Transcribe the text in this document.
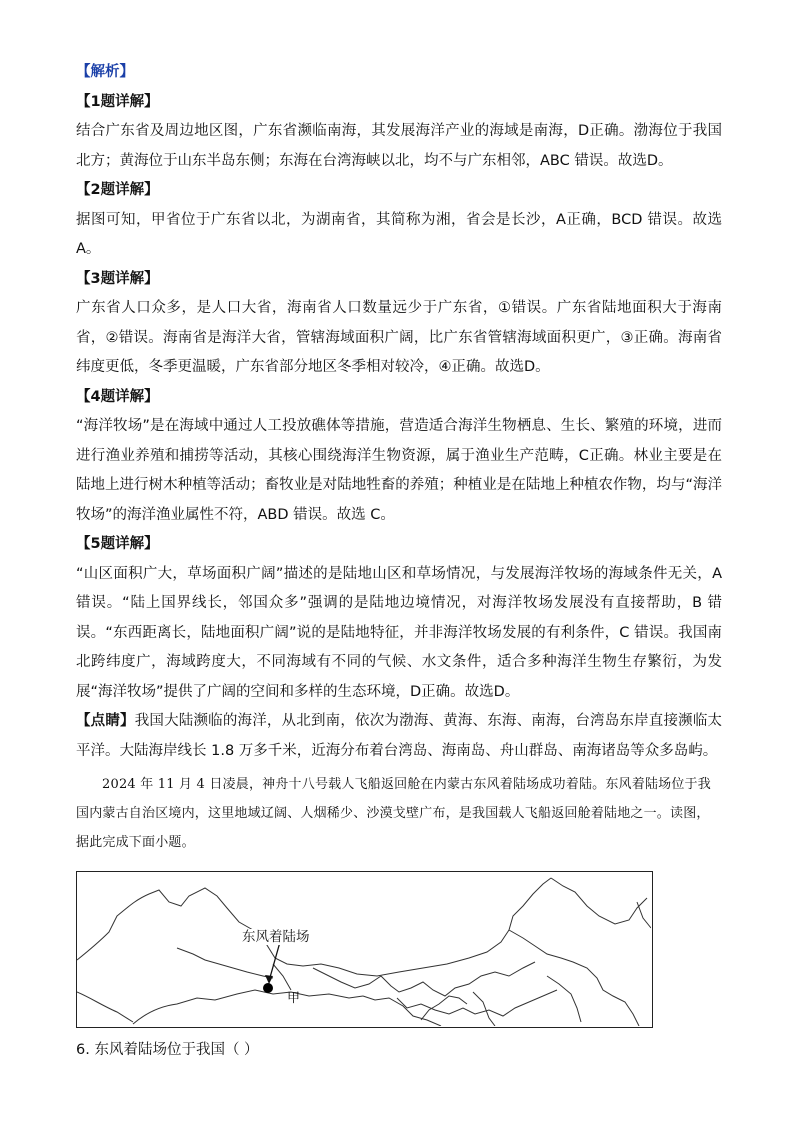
【解析】

【1题详解】

结合广东省及周边地区图，广东省濒临南海，其发展海洋产业的海域是南海，D正确。渤海位于我国北方；黄海位于山东半岛东侧；东海在台湾海峡以北，均不与广东相邻，ABC 错误。故选D。

【2题详解】

据图可知，甲省位于广东省以北，为湖南省，其简称为湘，省会是长沙，A正确，BCD 错误。故选 A。

【3题详解】

广东省人口众多，是人口大省，海南省人口数量远少于广东省，①错误。广东省陆地面积大于海南省，②错误。海南省是海洋大省，管辖海域面积广阔，比广东省管辖海域面积更广，③正确。海南省纬度更低，冬季更温暖，广东省部分地区冬季相对较冷，④正确。故选D。

【4题详解】

“海洋牧场”是在海域中通过人工投放礁体等措施，营造适合海洋生物栖息、生长、繁殖的环境，进而进行渔业养殖和捕捞等活动，其核心围绕海洋生物资源，属于渔业生产范畴，C正确。林业主要是在陆地上进行树木种植等活动；畜牧业是对陆地牲畜的养殖；种植业是在陆地上种植农作物，均与“海洋牧场”的海洋渔业属性不符，ABD 错误。故选 C。

【5题详解】

“山区面积广大，草场面积广阔”描述的是陆地山区和草场情况，与发展海洋牧场的海域条件无关，A错误。“陆上国界线长，邻国众多”强调的是陆地边境情况，对海洋牧场发展没有直接帮助，B 错误。“东西距离长，陆地面积广阔”说的是陆地特征，并非海洋牧场发展的有利条件，C 错误。我国南北跨纬度广，海域跨度大，不同海域有不同的气候、水文条件，适合多种海洋生物生存繁衍，为发展“海洋牧场”提供了广阔的空间和多样的生态环境，D正确。故选D。

【点睛】我国大陆濒临的海洋，从北到南，依次为渤海、黄海、东海、南海，台湾岛东岸直接濒临太平洋。大陆海岸线长 1.8 万多千米，近海分布着台湾岛、海南岛、舟山群岛、南海诸岛等众多岛屿。

2024 年 11 月 4 日凌晨，神舟十八号载人飞船返回舱在内蒙古东风着陆场成功着陆。东风着陆场位于我国内蒙古自治区境内，这里地域辽阔、人烟稀少、沙漠戈壁广布，是我国载人飞船返回舱着陆地之一。读图，据此完成下面小题。

东风着陆场
甲
6. 东风着陆场位于我国（ ）
